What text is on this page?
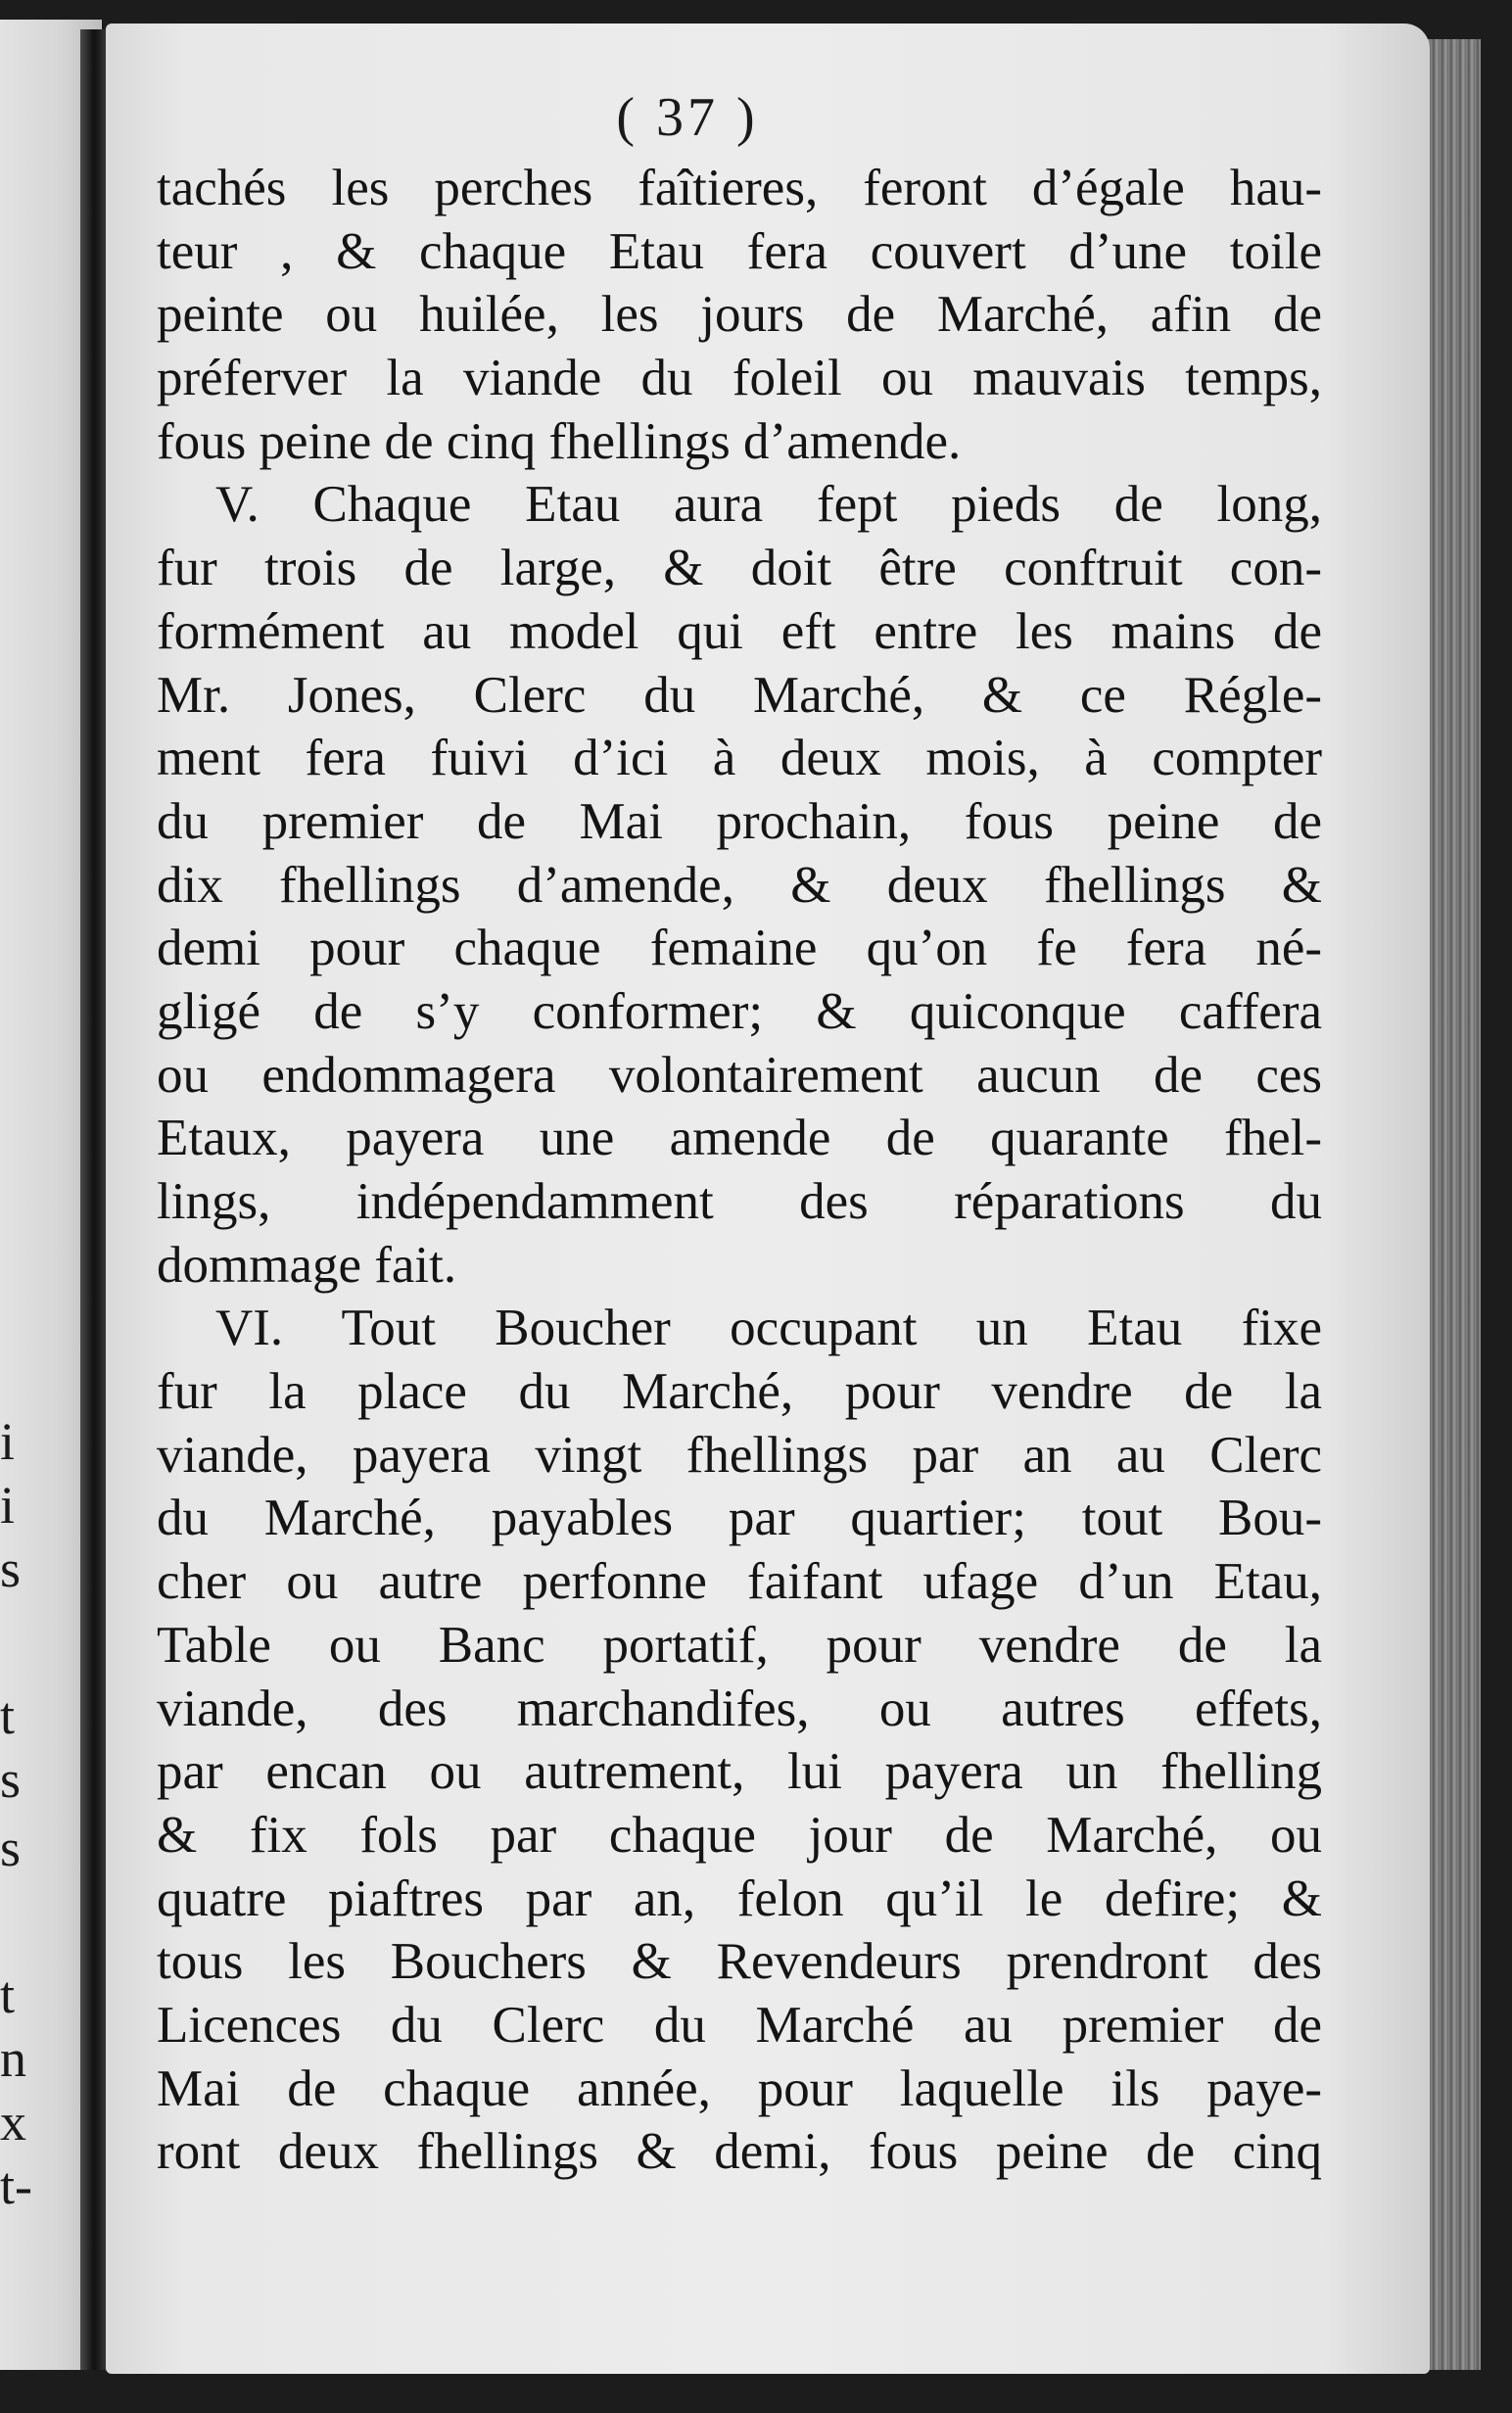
i
i
s
t
s
s
t
n
x
t-
( 37 )
tachés les perches faîtieres, feront d’égale hau-
teur , & chaque Etau fera couvert d’une toile
peinte ou huilée, les jours de Marché, afin de
préferver la viande du foleil ou mauvais temps,
fous peine de cinq fhellings d’amende.
V. Chaque Etau aura fept pieds de long,
fur trois de large, & doit être conftruit con-
formément au model qui eft entre les mains de
Mr. Jones, Clerc du Marché, & ce Régle-
ment fera fuivi d’ici à deux mois, à compter
du premier de Mai prochain, fous peine de
dix fhellings d’amende, & deux fhellings &
demi pour chaque femaine qu’on fe fera né-
gligé de s’y conformer; & quiconque caffera
ou endommagera volontairement aucun de ces
Etaux, payera une amende de quarante fhel-
lings, indépendamment des réparations du
dommage fait.
VI. Tout Boucher occupant un Etau fixe
fur la place du Marché, pour vendre de la
viande, payera vingt fhellings par an au Clerc
du Marché, payables par quartier; tout Bou-
cher ou autre perfonne faifant ufage d’un Etau,
Table ou Banc portatif, pour vendre de la
viande, des marchandifes, ou autres effets,
par encan ou autrement, lui payera un fhelling
& fix fols par chaque jour de Marché, ou
quatre piaftres par an, felon qu’il le defire; &
tous les Bouchers & Revendeurs prendront des
Licences du Clerc du Marché au premier de
Mai de chaque année, pour laquelle ils paye-
ront deux fhellings & demi, fous peine de cinq
